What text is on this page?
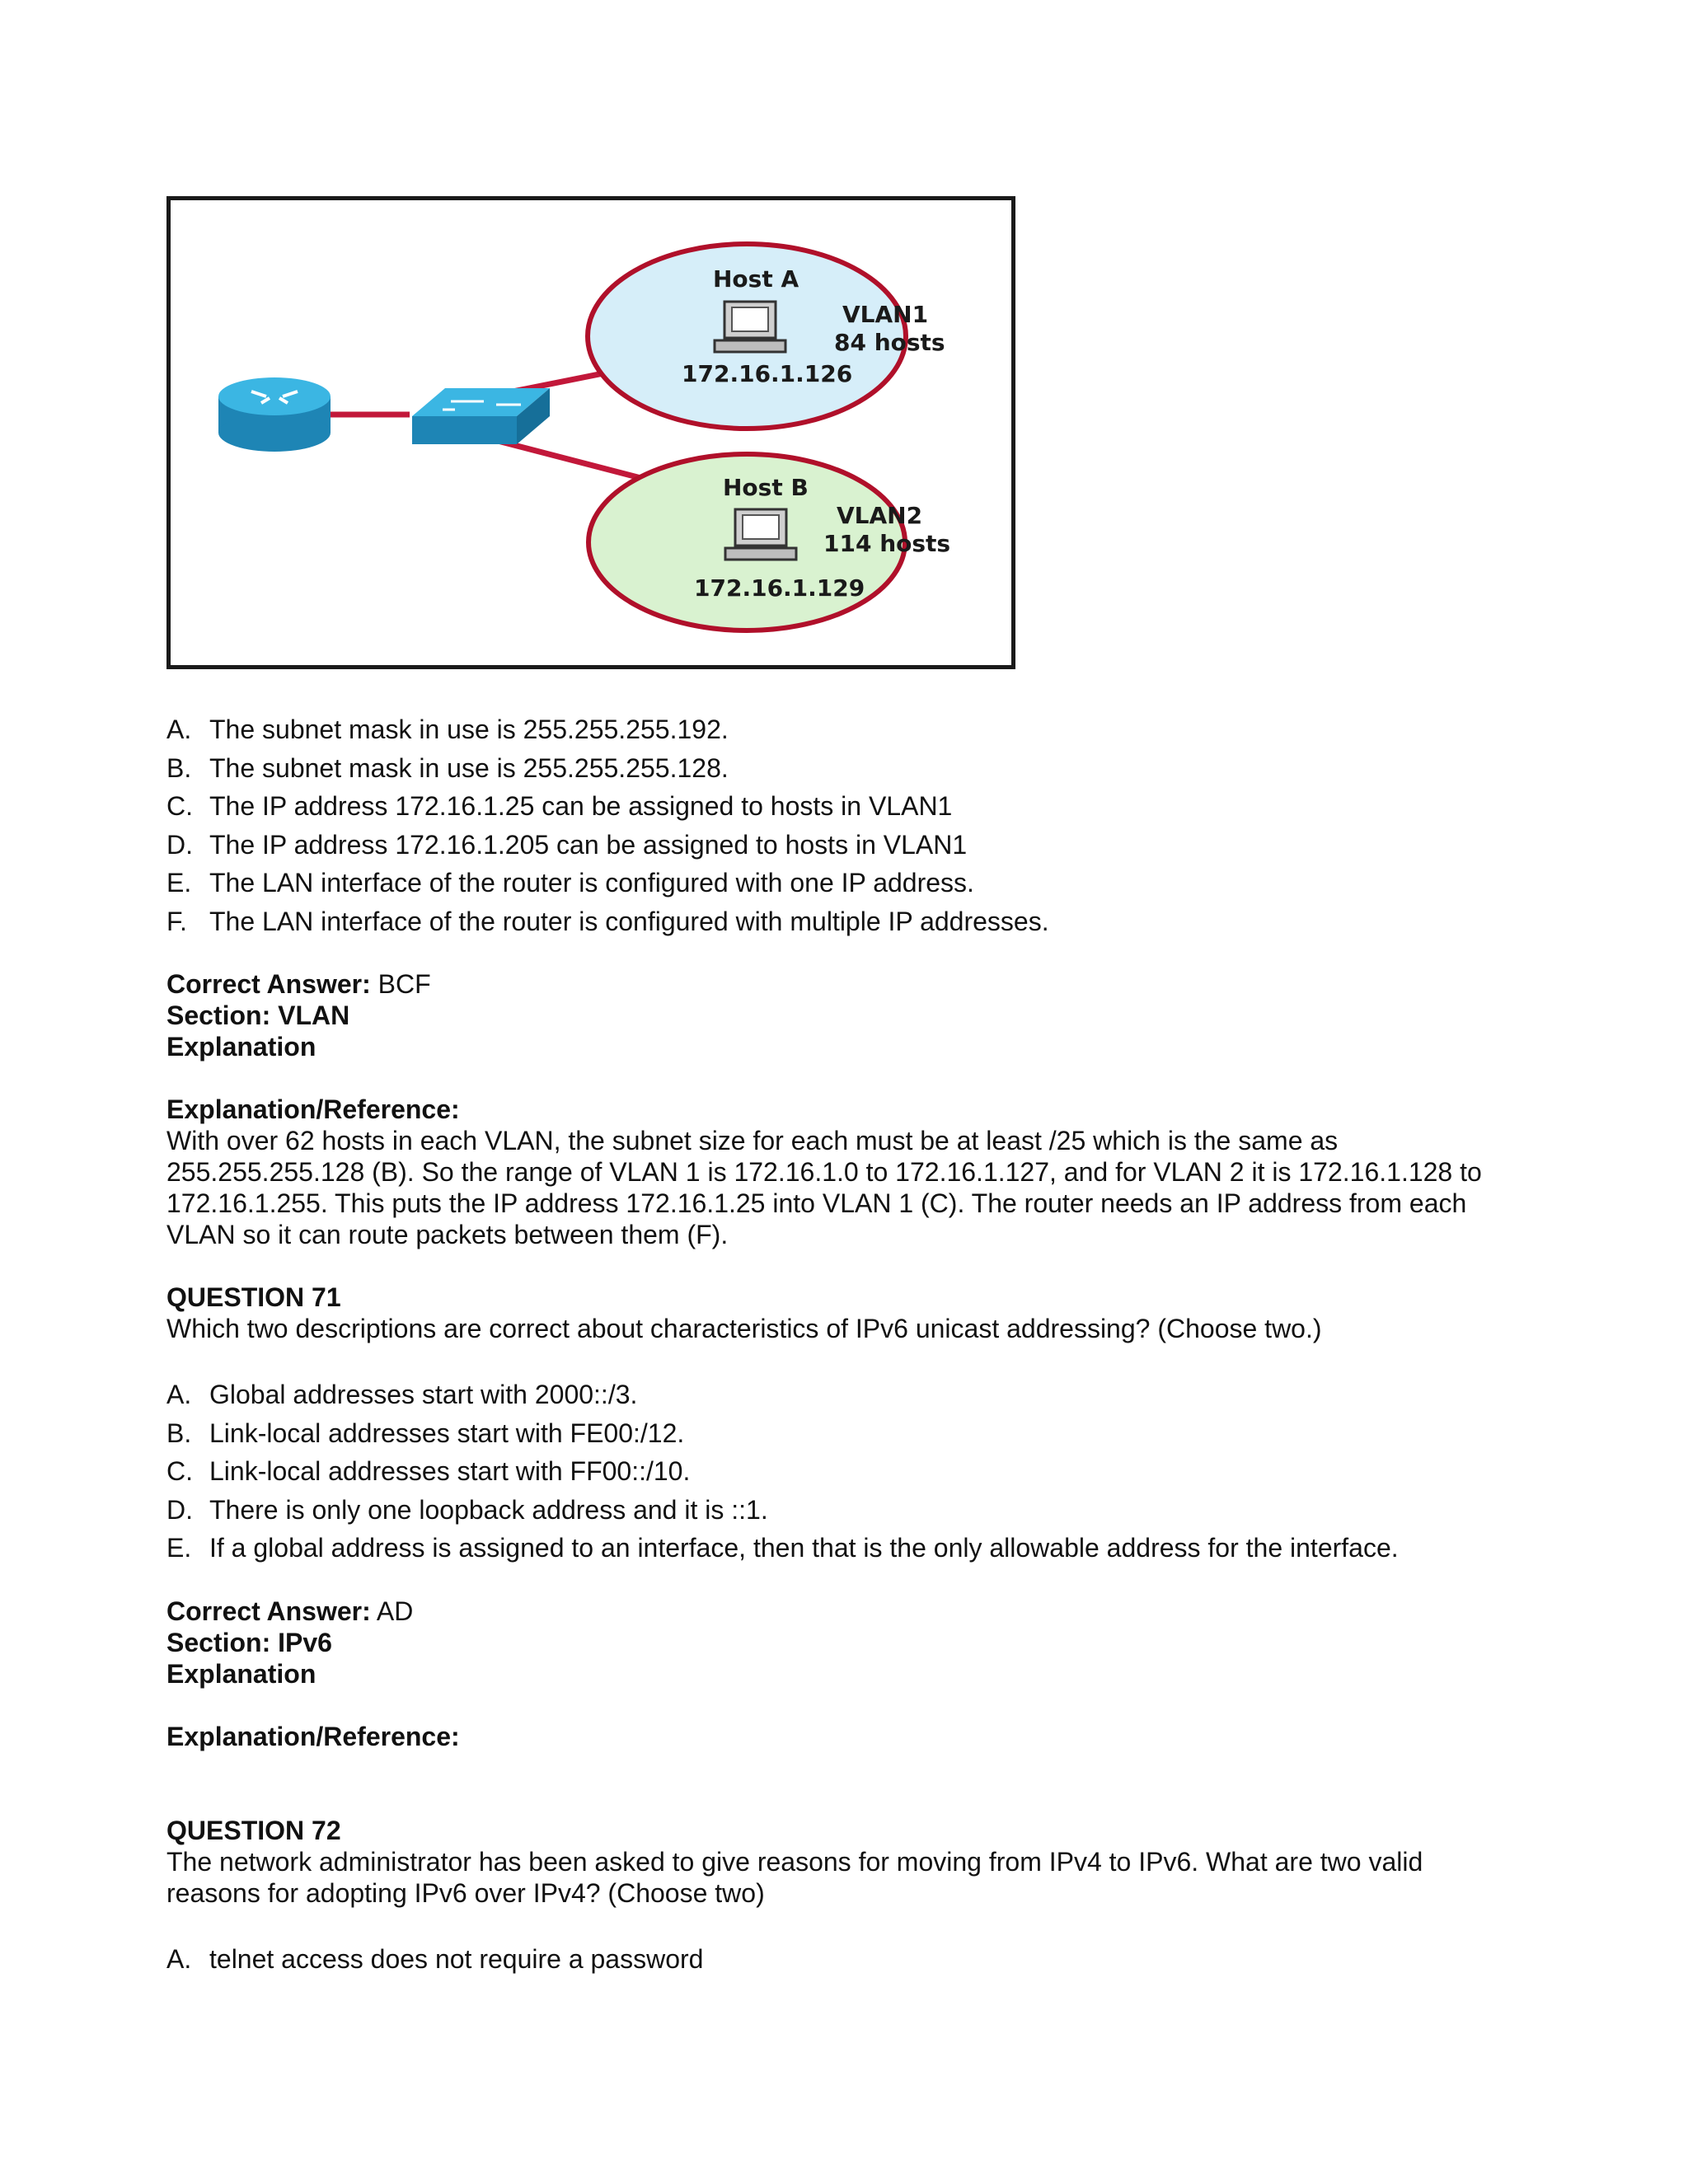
Host A
VLAN1
84 hosts
172.16.1.126
Host B
VLAN2
114 hosts
172.16.1.129
A. The subnet mask in use is 255.255.255.192.
B. The subnet mask in use is 255.255.255.128.
C. The IP address 172.16.1.25 can be assigned to hosts in VLAN1
D. The IP address 172.16.1.205 can be assigned to hosts in VLAN1
E. The LAN interface of the router is configured with one IP address.
F. The LAN interface of the router is configured with multiple IP addresses.

Correct Answer: BCF

Section: VLAN

Explanation

Explanation/Reference:

With over 62 hosts in each VLAN, the subnet size for each must be at least /25 which is the same as 255.255.255.128 (B). So the range of VLAN 1 is 172.16.1.0 to 172.16.1.127, and for VLAN 2 it is 172.16.1.128 to 172.16.1.255. This puts the IP address 172.16.1.25 into VLAN 1 (C). The router needs an IP address from each VLAN so it can route packets between them (F).

QUESTION 71

Which two descriptions are correct about characteristics of IPv6 unicast addressing? (Choose two.)

A. Global addresses start with 2000::/3.
B. Link-local addresses start with FE00:/12.
C. Link-local addresses start with FF00::/10.
D. There is only one loopback address and it is ::1.
E. If a global address is assigned to an interface, then that is the only allowable address for the interface.

Correct Answer: AD

Section: IPv6

Explanation

Explanation/Reference:

QUESTION 72

The network administrator has been asked to give reasons for moving from IPv4 to IPv6. What are two valid reasons for adopting IPv6 over IPv4? (Choose two)

A. telnet access does not require a password
